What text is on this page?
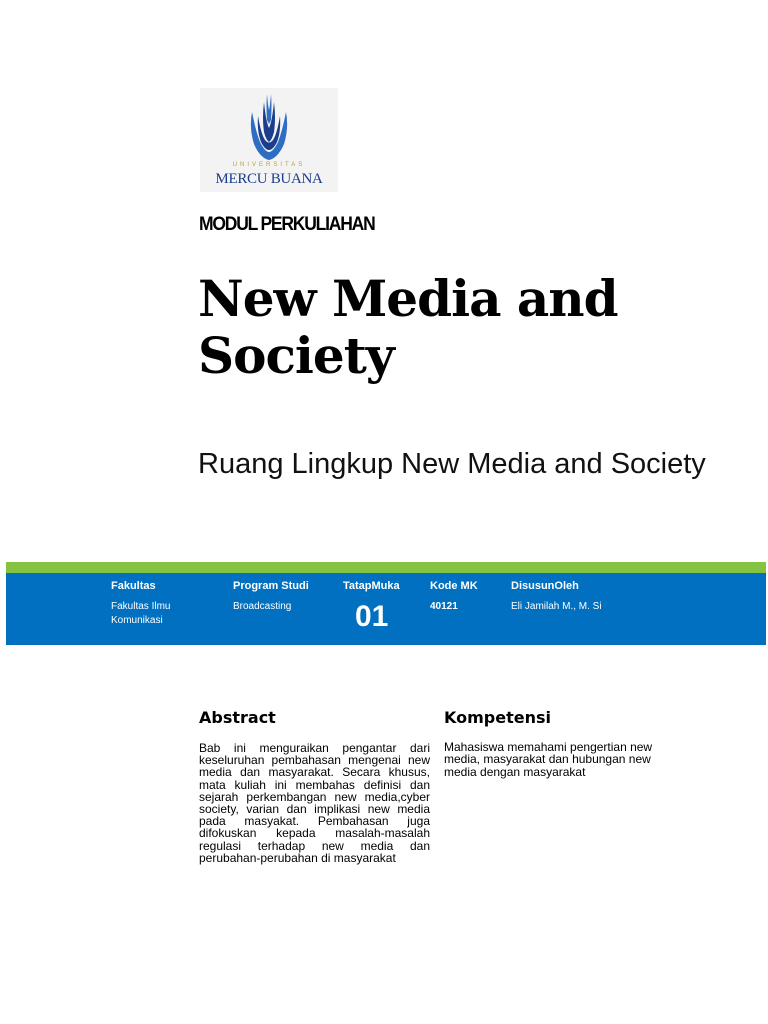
UNIVERSITAS
MERCU BUANA
MODUL PERKULIAHAN
New Media and Society
Ruang Lingkup New Media and Society
Fakultas
Fakultas Ilmu Komunikasi
Program Studi
Broadcasting
TatapMuka
01
Kode MK
40121
DisusunOleh
Eli Jamilah M., M. Si
Abstract
Bab ini menguraikan pengantar dari keseluruhan pembahasan mengenai new media dan masyarakat. Secara khusus, mata kuliah ini membahas definisi dan sejarah perkembangan new media,cyber society, varian dan implikasi new media pada masyakat. Pembahasan juga difokuskan kepada masalah-masalah regulasi terhadap new media dan perubahan-perubahan di masyarakat
Kompetensi
Mahasiswa memahami pengertian new media, masyarakat dan hubungan new media dengan masyarakat
